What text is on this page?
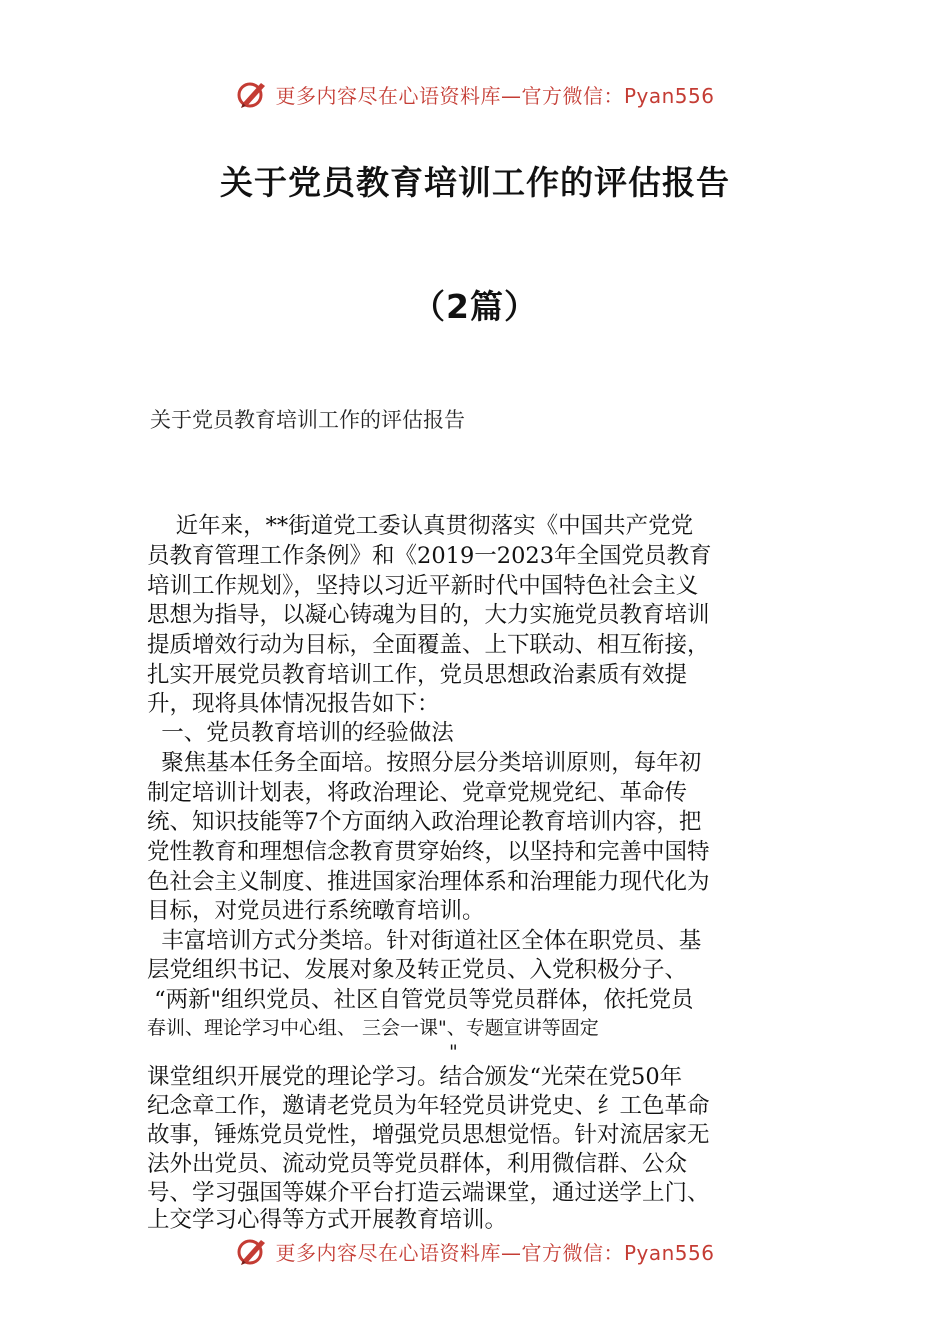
更多内容尽在心语资料库—官方微信：Pyan556
关于党员教育培训工作的评估报告
（2篇）
关于党员教育培训工作的评估报告
近年来，**街道党工委认真贯彻落实《中国共产党党
员教育管理工作条例》和《2019一2023年全国党员教育
培训工作规划》，坚持以习近平新时代中国特色社会主义
思想为指导，以凝心铸魂为目的，大力实施党员教育培训
提质增效行动为目标，全面覆盖、上下联动、相互衔接，
扎实开展党员教育培训工作，党员思想政治素质有效提
升，现将具体情况报告如下：
一、党员教育培训的经验做法
聚焦基本任务全面培。按照分层分类培训原则，每年初
制定培训计划表，将政治理论、党章党规党纪、革命传
统、知识技能等7个方面纳入政治理论教育培训内容，把
党性教育和理想信念教育贯穿始终，以坚持和完善中国特
色社会主义制度、推进国家治理体系和治理能力现代化为
目标，对党员进行系统暾育培训。
丰富培训方式分类培。针对街道社区全体在职党员、基
层党组织书记、发展对象及转正党员、入党积极分子、
“两新"组织党员、社区自管党员等党员群体，依托党员
春训、理论学习中心组、 三会一课"、专题宣讲等固定
"
课堂组织开展党的理论学习。结合颁发“光荣在党50年
纪念章工作，邀请老党员为年轻党员讲党史、纟工色革命
故事，锤炼党员党性，增强党员思想觉悟。针对流居家无
法外出党员、流动党员等党员群体，利用微信群、公众
号、学习强国等媒介平台打造云端课堂，通过送学上门、
上交学习心得等方式开展教育培训。
更多内容尽在心语资料库—官方微信：Pyan556
